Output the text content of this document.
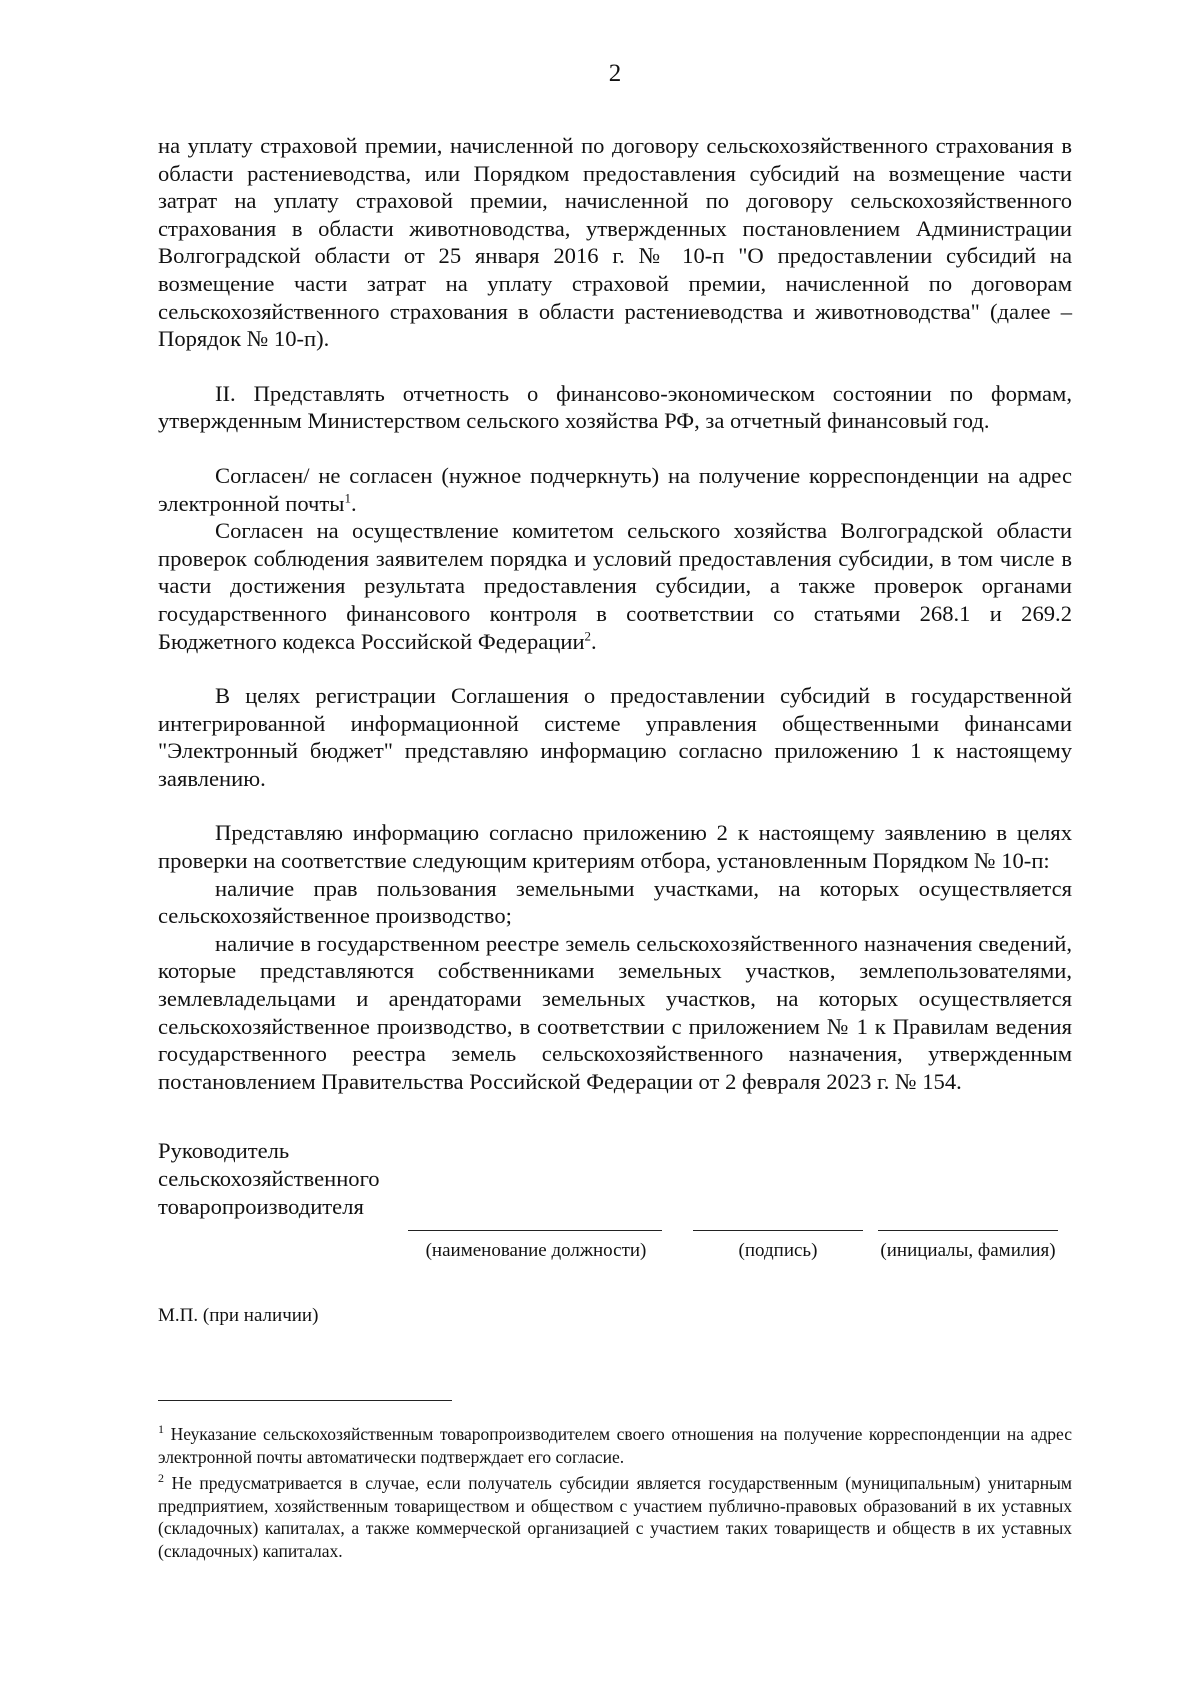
2

на уплату страховой премии, начисленной по договору сельскохозяйственного страхования в области растениеводства, или Порядком предоставления субсидий на возмещение части затрат на уплату страховой премии, начисленной по договору сельскохозяйственного страхования в области животноводства, утвержденных постановлением Администрации Волгоградской области от 25 января 2016 г. № 10-п "О предоставлении субсидий на возмещение части затрат на уплату страховой премии, начисленной по договорам сельскохозяйственного страхования в области растениеводства и животноводства" (далее – Порядок № 10-п).

II. Представлять отчетность о финансово-экономическом состоянии по формам, утвержденным Министерством сельского хозяйства РФ, за отчетный финансовый год.

Согласен/ не согласен (нужное подчеркнуть) на получение корреспонденции на адрес электронной почты$^1$.

Согласен на осуществление комитетом сельского хозяйства Волгоградской области проверок соблюдения заявителем порядка и условий предоставления субсидии, в том числе в части достижения результата предоставления субсидии, а также проверок органами государственного финансового контроля в соответствии со статьями 268.1 и 269.2 Бюджетного кодекса Российской Федерации$^2$.

В целях регистрации Соглашения о предоставлении субсидий в государственной интегрированной информационной системе управления общественными финансами "Электронный бюджет" представляю информацию согласно приложению 1 к настоящему заявлению.

Представляю информацию согласно приложению 2 к настоящему заявлению в целях проверки на соответствие следующим критериям отбора, установленным Порядком № 10-п:

наличие прав пользования земельными участками, на которых осуществляется сельскохозяйственное производство;

наличие в государственном реестре земель сельскохозяйственного назначения сведений, которые представляются собственниками земельных участков, землепользователями, землевладельцами и арендаторами земельных участков, на которых осуществляется сельскохозяйственное производство, в соответствии с приложением № 1 к Правилам ведения государственного реестра земель сельскохозяйственного назначения, утвержденным постановлением Правительства Российской Федерации от 2 февраля 2023 г. № 154.

Руководитель
сельскохозяйственного
товаропроизводителя
(наименование должности)	(подпись)	(инициалы, фамилия)
М.П. (при наличии)

$^1$ Неуказание сельскохозяйственным товаропроизводителем своего отношения на получение корреспонденции на адрес электронной почты автоматически подтверждает его согласие.

$^2$ Не предусматривается в случае, если получатель субсидии является государственным (муниципальным) унитарным предприятием, хозяйственным товариществом и обществом с участием публично-правовых образований в их уставных (складочных) капиталах, а также коммерческой организацией с участием таких товариществ и обществ в их уставных (складочных) капиталах.
